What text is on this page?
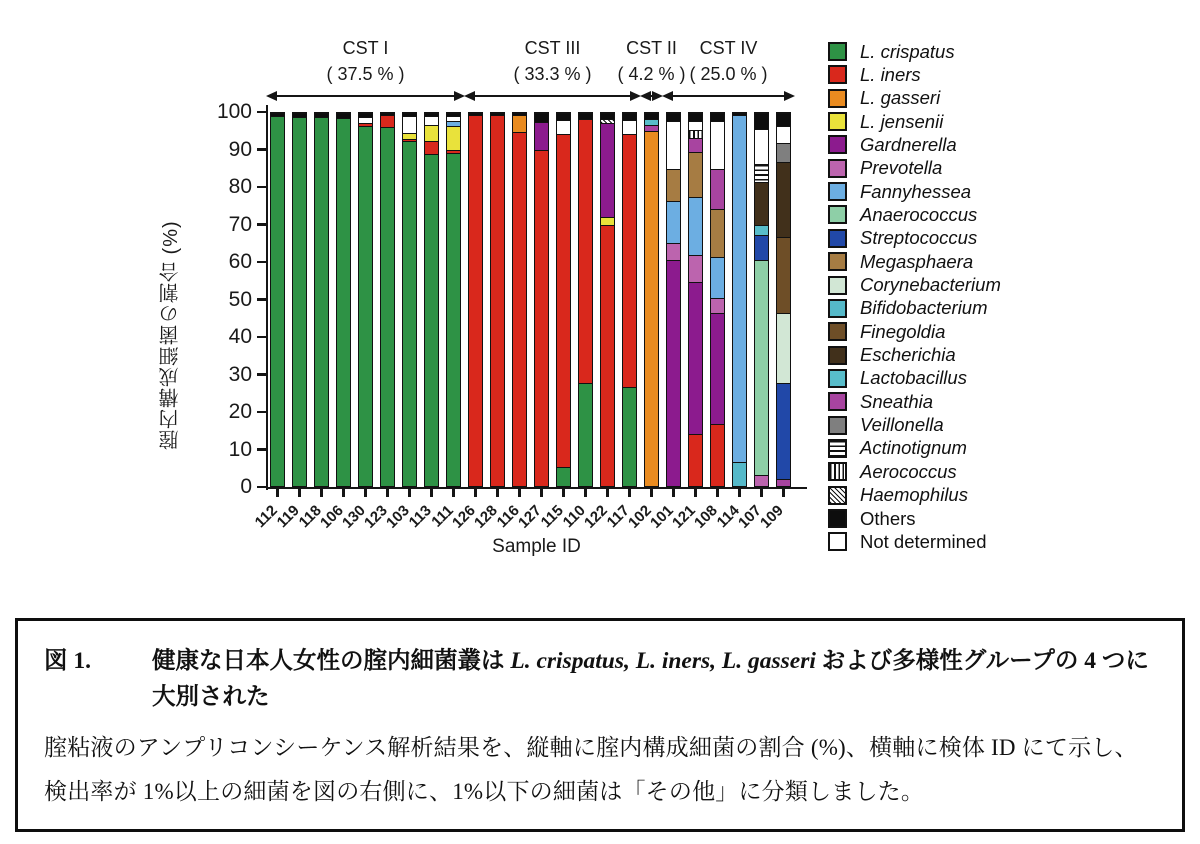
腟内構成細菌の割合 (%)
0
10
20
30
40
50
60
70
80
90
100
112
119
118
106
130
123
103
113
111
126
128
116
127
115
110
122
117
102
101
121
108
114
107
109
CST I
( 37.5 % )
CST III
( 33.3 % )
CST II
( 4.2 % )
CST IV
( 25.0 % )
Sample ID
L. crispatus
L. iners
L. gasseri
L. jensenii
Gardnerella
Prevotella
Fannyhessea
Anaerococcus
Streptococcus
Megasphaera
Corynebacterium
Bifidobacterium
Finegoldia
Escherichia
Lactobacillus
Sneathia
Veillonella
Actinotignum
Aerococcus
Haemophilus
Others
Not determined

図 1.	健康な日本人女性の腟内細菌叢は L. crispatus, L. iners, L. gasseri および多様性グループの 4 つに大別された

腟粘液のアンプリコンシーケンス解析結果を、縦軸に腟内構成細菌の割合 (%)、横軸に検体 ID にて示し、検出率が 1%以上の細菌を図の右側に、1%以下の細菌は「その他」に分類しました。
